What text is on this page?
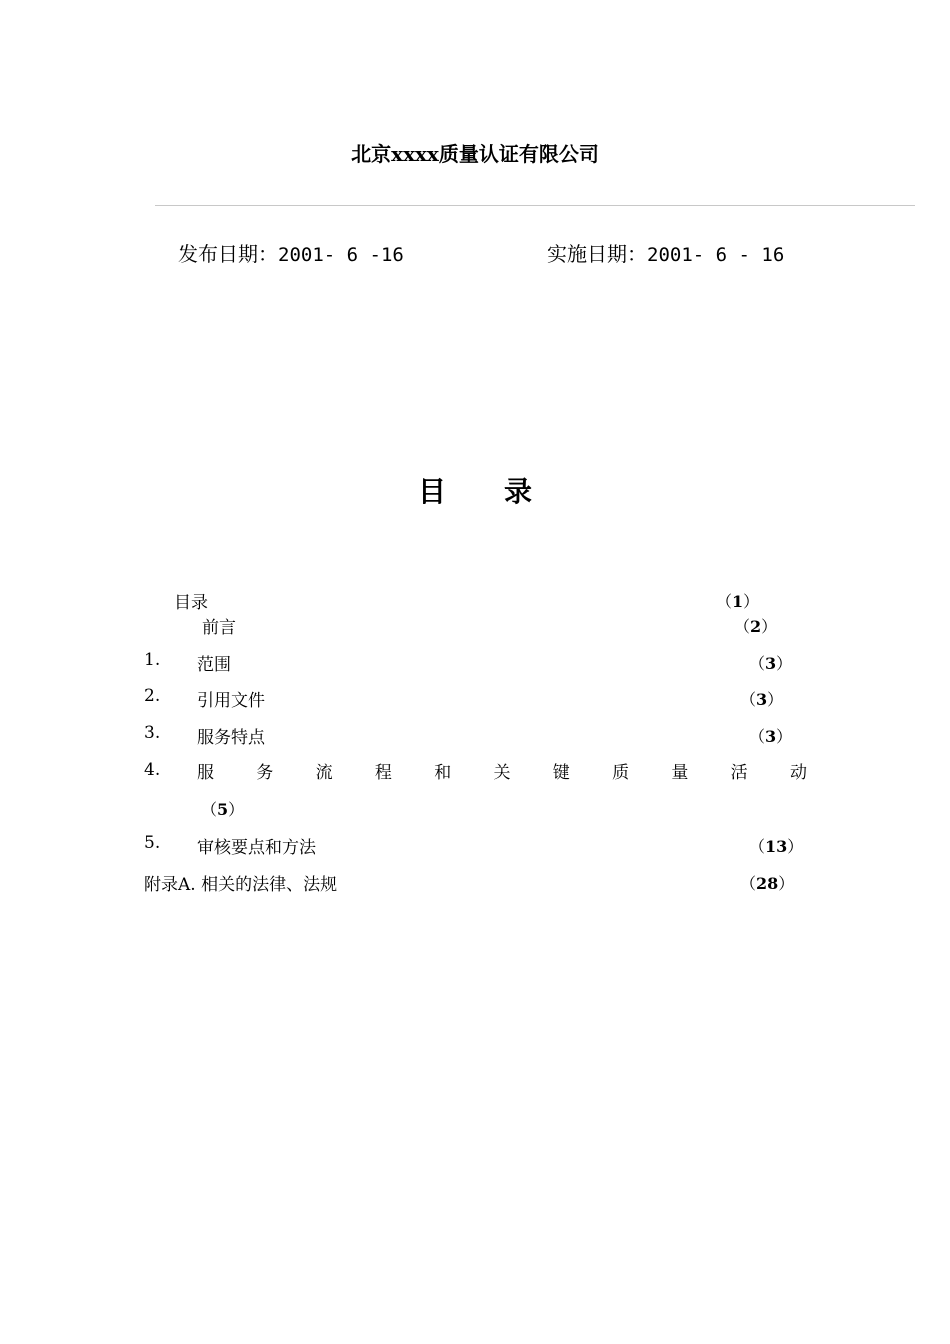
北京xxxx质量认证有限公司
发布日期：2001- 6 -16	实施日期：2001- 6 - 16
目录
目录	（1）
前言	（2）
1. 范围	（3）
2. 引用文件	（3）
3. 服务特点	（3）
4. 服 务 流 程 和 关 键 质 量 活 动
（5）
5. 审核要点和方法	（13）
附录A. 相关的法律、法规	（28）
